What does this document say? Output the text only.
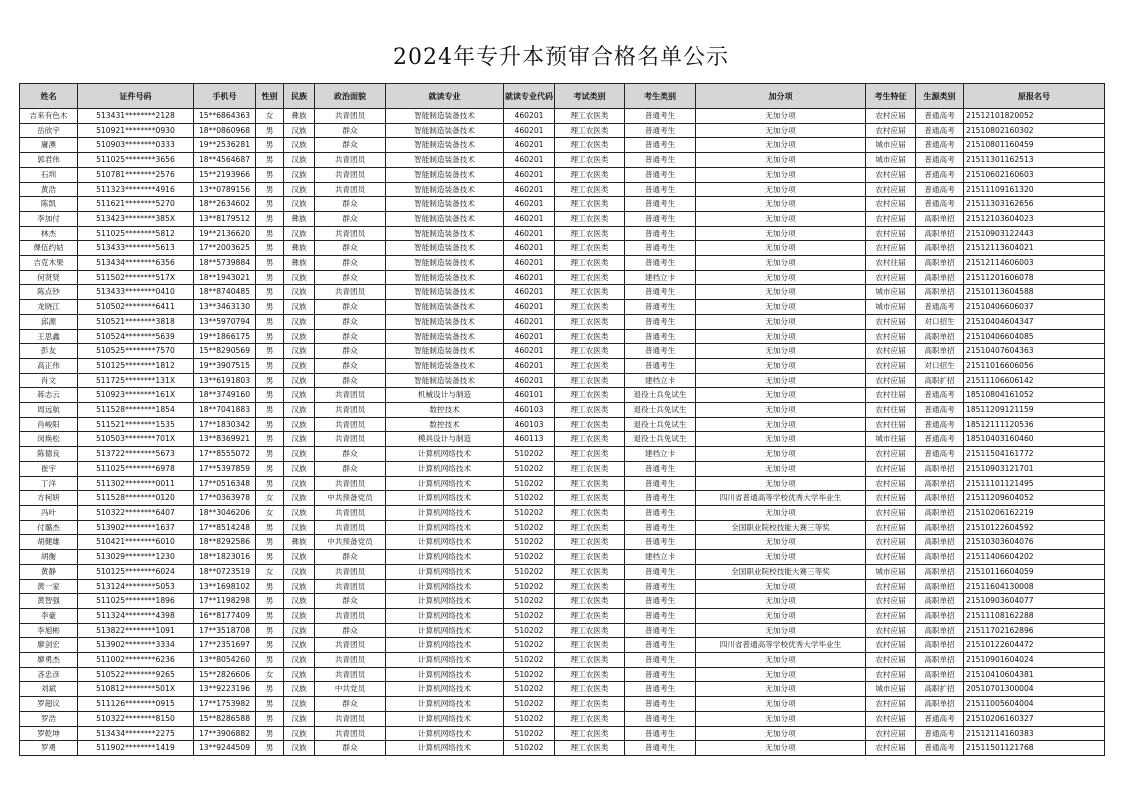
2024年专升本预审合格名单公示
姓名	证件号码	手机号	性别	民族	政治面貌	就读专业	就读专业代码	考试类别	考生类别	加分项	考生特征	生源类别	原报名号
吉来有色木	513431********2128	15**6864363	女	彝族	共青团员	智能制造装备技术	460201	理工农医类	普通考生	无加分项	农村应届	普通高考	21512101820052
岳欣宇	510921********0930	18**0860968	男	汉族	群众	智能制造装备技术	460201	理工农医类	普通考生	无加分项	农村应届	普通高考	21510802160302
庸澳	510903********0333	19**2536281	男	汉族	群众	智能制造装备技术	460201	理工农医类	普通考生	无加分项	城市应届	普通高考	21510801160459
郭君伟	511025********3656	18**4564687	男	汉族	共青团员	智能制造装备技术	460201	理工农医类	普通考生	无加分项	城市应届	普通高考	21511301162513
石圳	510781********2576	15**2193966	男	汉族	共青团员	智能制造装备技术	460201	理工农医类	普通考生	无加分项	农村应届	普通高考	21510602160603
黄浩	511323********4916	13**0789156	男	汉族	共青团员	智能制造装备技术	460201	理工农医类	普通考生	无加分项	农村应届	普通高考	21511109161320
陈凯	511621********5270	18**2634602	男	汉族	群众	智能制造装备技术	460201	理工农医类	普通考生	无加分项	农村应届	普通高考	21511303162656
李加付	513423********385X	13**8179512	男	彝族	群众	智能制造装备技术	460201	理工农医类	普通考生	无加分项	农村应届	高职单招	21512103604023
林杰	511025********5812	19**2136620	男	汉族	共青团员	智能制造装备技术	460201	理工农医类	普通考生	无加分项	农村应届	高职单招	21510903122443
倮伍约姑	513433********5613	17**2003625	男	彝族	群众	智能制造装备技术	460201	理工农医类	普通考生	无加分项	农村应届	高职单招	21512113604021
吉克木果	513434********6356	18**5739884	男	彝族	群众	智能制造装备技术	460201	理工农医类	普通考生	无加分项	农村往届	高职单招	21512114606003
何贤贤	511502********517X	18**1943021	男	汉族	群众	智能制造装备技术	460201	理工农医类	建档立卡	无加分项	农村应届	高职单招	21511201606078
陈点钞	513433********0410	18**8740485	男	汉族	共青团员	智能制造装备技术	460201	理工农医类	普通考生	无加分项	城市应届	高职单招	21510113604588
龙晓江	510502********6411	13**3463130	男	汉族	群众	智能制造装备技术	460201	理工农医类	普通考生	无加分项	城市应届	普通高考	21510406606037
邱源	510521********3818	13**5970794	男	汉族	群众	智能制造装备技术	460201	理工农医类	普通考生	无加分项	农村应届	对口招生	21510404604347
王思鑫	510524********5639	19**1866175	男	汉族	群众	智能制造装备技术	460201	理工农医类	普通考生	无加分项	农村应届	高职单招	21510406604085
彭友	510525********7570	15**8290569	男	汉族	群众	智能制造装备技术	460201	理工农医类	普通考生	无加分项	农村应届	高职单招	21510407604363
高正伟	510125********1812	19**3907515	男	汉族	群众	智能制造装备技术	460201	理工农医类	普通考生	无加分项	农村应届	对口招生	21511016606056
肖文	511725********131X	13**6191803	男	汉族	群众	智能制造装备技术	460201	理工农医类	建档立卡	无加分项	农村应届	高职扩招	21511106606142
蒋志云	510923********161X	18**3749160	男	汉族	共青团员	机械设计与制造	460101	理工农医类	退役士兵免试生	无加分项	农村往届	普通高考	18510804161052
周远航	511528********1854	18**7041883	男	汉族	共青团员	数控技术	460103	理工农医类	退役士兵免试生	无加分项	农村往届	普通高考	18511209121159
肖峻阳	511521********1535	17**1830342	男	汉族	共青团员	数控技术	460103	理工农医类	退役士兵免试生	无加分项	农村往届	普通高考	18512111120536
闵焕松	510503********701X	13**8369921	男	汉族	共青团员	模具设计与制造	460113	理工农医类	退役士兵免试生	无加分项	城市往届	普通高考	18510403160460
陈德良	513722********5673	17**8555072	男	汉族	群众	计算机网络技术	510202	理工农医类	建档立卡	无加分项	农村应届	普通高考	21511504161772
崔宇	511025********6978	17**5397859	男	汉族	群众	计算机网络技术	510202	理工农医类	普通考生	无加分项	农村应届	高职单招	21510903121701
丁洋	511302********0011	17**0516348	男	汉族	共青团员	计算机网络技术	510202	理工农医类	普通考生	无加分项	农村应届	高职单招	21511101121495
方柯妍	511528********0120	17**0363978	女	汉族	中共预备党员	计算机网络技术	510202	理工农医类	普通考生	四川省普通高等学校优秀大学毕业生	农村应届	高职单招	21511209604052
冯叶	510322********6407	18**3046206	女	汉族	共青团员	计算机网络技术	510202	理工农医类	普通考生	无加分项	农村应届	高职单招	21510206162219
付璐杰	513902********1637	17**8514248	男	汉族	共青团员	计算机网络技术	510202	理工农医类	普通考生	全国职业院校技能大赛三等奖	农村应届	高职单招	21510122604592
胡健雄	510421********6010	18**8292586	男	彝族	中共预备党员	计算机网络技术	510202	理工农医类	普通考生	无加分项	农村应届	高职单招	21510303604076
胡衡	513029********1230	18**1823016	男	汉族	群众	计算机网络技术	510202	理工农医类	建档立卡	无加分项	农村应届	高职单招	21511406604202
黄静	510125********6024	18**0723519	女	汉族	共青团员	计算机网络技术	510202	理工农医类	普通考生	全国职业院校技能大赛三等奖	城市应届	高职单招	21510116604059
黄一家	513124********5053	13**1698102	男	汉族	共青团员	计算机网络技术	510202	理工农医类	普通考生	无加分项	农村应届	高职单招	21511604130008
黄智强	511025********1896	17**1198298	男	汉族	群众	计算机网络技术	510202	理工农医类	普通考生	无加分项	农村应届	高职单招	21510903604077
李豪	511324********4398	16**8177409	男	汉族	共青团员	计算机网络技术	510202	理工农医类	普通考生	无加分项	农村应届	高职单招	21511108162288
李旭彬	513822********1091	17**3518708	男	汉族	群众	计算机网络技术	510202	理工农医类	普通考生	无加分项	农村应届	高职单招	21511702162896
廖剑宏	513902********3334	17**2351697	男	汉族	共青团员	计算机网络技术	510202	理工农医类	普通考生	四川省普通高等学校优秀大学毕业生	农村应届	高职单招	21510122604472
廖勇杰	511002********6236	13**8054260	男	汉族	共青团员	计算机网络技术	510202	理工农医类	普通考生	无加分项	农村应届	高职单招	21510901604024
吝忠彦	510522********9265	15**2826606	女	汉族	共青团员	计算机网络技术	510202	理工农医类	普通考生	无加分项	农村应届	高职单招	21510410604381
刘斌	510812********501X	13**9223196	男	汉族	中共党员	计算机网络技术	510202	理工农医类	普通考生	无加分项	城市应届	高职扩招	20510701300004
罗超议	511126********0915	17**1753982	男	汉族	群众	计算机网络技术	510202	理工农医类	普通考生	无加分项	农村应届	高职单招	21511005604004
罗浩	510322********8150	15**8286588	男	汉族	共青团员	计算机网络技术	510202	理工农医类	普通考生	无加分项	农村应届	普通高考	21510206160327
罗乾坤	513434********2275	17**3906882	男	汉族	共青团员	计算机网络技术	510202	理工农医类	普通考生	无加分项	农村应届	普通高考	21512114160383
罗勇	511902********1419	13**9244509	男	汉族	群众	计算机网络技术	510202	理工农医类	普通考生	无加分项	农村应届	普通高考	21511501121768
